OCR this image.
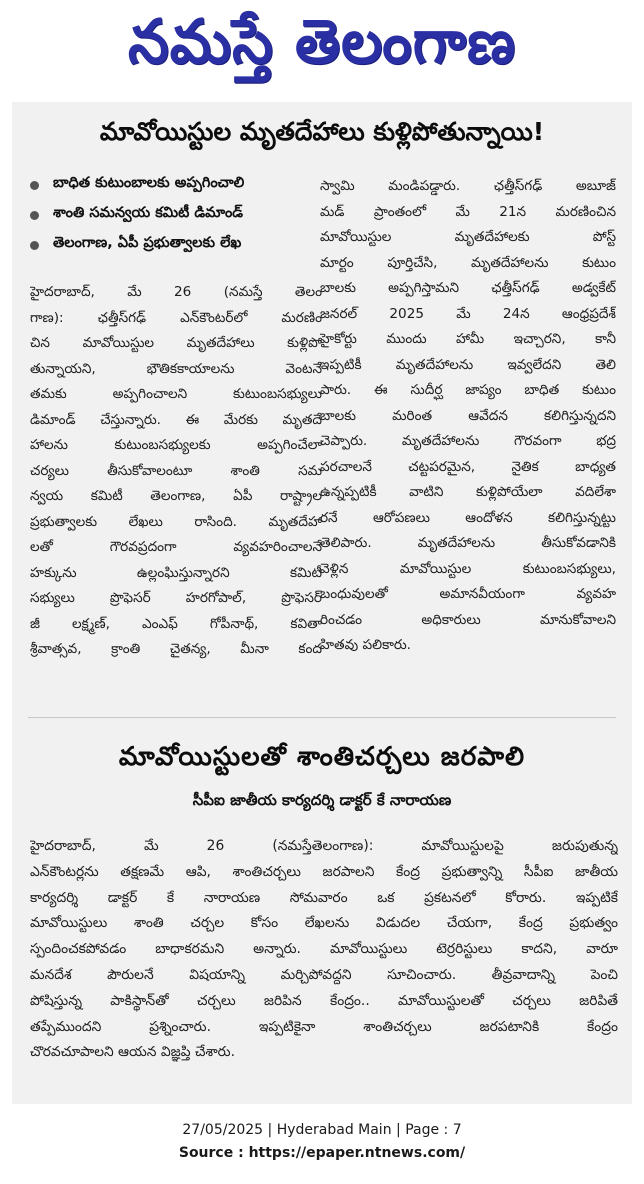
నమస్తే తెలంగాణ
మావోయిస్టుల మృతదేహాలు కుళ్లిపోతున్నాయి!
బాధిత కుటుంబాలకు అప్పగించాలి
శాంతి సమన్వయ కమిటీ డిమాండ్
తెలంగాణ, ఏపీ ప్రభుత్వాలకు లేఖ
హైదరాబాద్, మే 26 (నమస్తే తెలం
గాణ): ఛత్తీస్‌గఢ్ ఎన్‌కౌంటర్‌లో మరణిం
చిన మావోయిస్టుల మృతదేహాలు కుళ్లిపో
తున్నాయని, భౌతికకాయాలను వెంటనే
తమకు అప్పగించాలని కుటుంబసభ్యులు
డిమాండ్ చేస్తున్నారు. ఈ మేరకు మృతదే
హాలను కుటుంబసభ్యులకు అప్పగించేలా
చర్యలు తీసుకోవాలంటూ శాంతి సమ
న్వయ కమిటీ తెలంగాణ, ఏపీ రాష్ట్రాల
ప్రభుత్వాలకు లేఖలు రాసింది. మృతదేహా
లతో గౌరవప్రదంగా వ్యవహరించాలనే
హక్కును ఉల్లంఘిస్తున్నారని కమిటీ
సభ్యులు ప్రొఫెసర్ హరగోపాల్, ప్రొఫెసర్
జీ లక్ష్మణ్, ఎంఎఫ్ గోపీనాథ్, కవితా
శ్రీవాత్సవ, క్రాంతి చైతన్య, మీనా కంద
స్వామి మండిపడ్డారు. ఛత్తీస్‌గఢ్ అబూజ్
మడ్ ప్రాంతంలో మే 21న మరణించిన
మావోయిస్టుల మృతదేహాలకు పోస్ట్
మార్టం పూర్తిచేసి, మృతదేహాలను కుటుం
బాలకు అప్పగిస్తామని ఛత్తీస్‌గఢ్ అడ్వకేట్
జనరల్ 2025 మే 24న ఆంధ్రప్రదేశ్
హైకోర్టు ముందు హామీ ఇచ్చారని, కానీ
ఇప్పటికీ మృతదేహాలను ఇవ్వలేదని తెలి
పారు. ఈ సుదీర్ఘ జాప్యం బాధిత కుటుం
బాలకు మరింత ఆవేదన కలిగిస్తున్నదని
చెప్పారు. మృతదేహాలను గౌరవంగా భద్ర
పరచాలనే చట్టపరమైన, నైతిక బాధ్యత
ఉన్నప్పటికీ వాటిని కుళ్లిపోయేలా వదిలేశా
రనే ఆరోపణలు ఆందోళన కలిగిస్తున్నట్టు
తెలిపారు. మృతదేహాలను తీసుకోవడానికి
వెళ్లిన మావోయిస్టుల కుటుంబసభ్యులు,
బంధువులతో అమానవీయంగా వ్యవహ
రించడం అధికారులు మానుకోవాలని
హితవు పలికారు.
మావోయిస్టులతో శాంతిచర్చలు జరపాలి
సీపీఐ జాతీయ కార్యదర్శి డాక్టర్ కే నారాయణ
హైదరాబాద్, మే 26 (నమస్తేతెలంగాణ): మావోయిస్టులపై జరుపుతున్న
ఎన్‌కౌంటర్లను తక్షణమే ఆపి, శాంతిచర్చలు జరపాలని కేంద్ర ప్రభుత్వాన్ని సీపీఐ జాతీయ
కార్యదర్శి డాక్టర్ కే నారాయణ సోమవారం ఒక ప్రకటనలో కోరారు. ఇప్పటికే
మావోయిస్టులు శాంతి చర్చల కోసం లేఖలను విడుదల చేయగా, కేంద్ర ప్రభుత్వం
స్పందించకపోవడం బాధాకరమని అన్నారు. మావోయిస్టులు టెర్రరిస్టులు కాదని, వారూ
మనదేశ పౌరులనే విషయాన్ని మర్చిపోవద్దని సూచించారు. తీవ్రవాదాన్ని పెంచి
పోషిస్తున్న పాకిస్థాన్‌తో చర్చలు జరిపిన కేంద్రం.. మావోయిస్టులతో చర్చలు జరిపితే
తప్పేముందని ప్రశ్నించారు. ఇప్పటికైనా శాంతిచర్చలు జరపటానికి కేంద్రం
చొరవచూపాలని ఆయన విజ్ఞప్తి చేశారు.
27/05/2025 | Hyderabad Main | Page : 7
Source : https://epaper.ntnews.com/
